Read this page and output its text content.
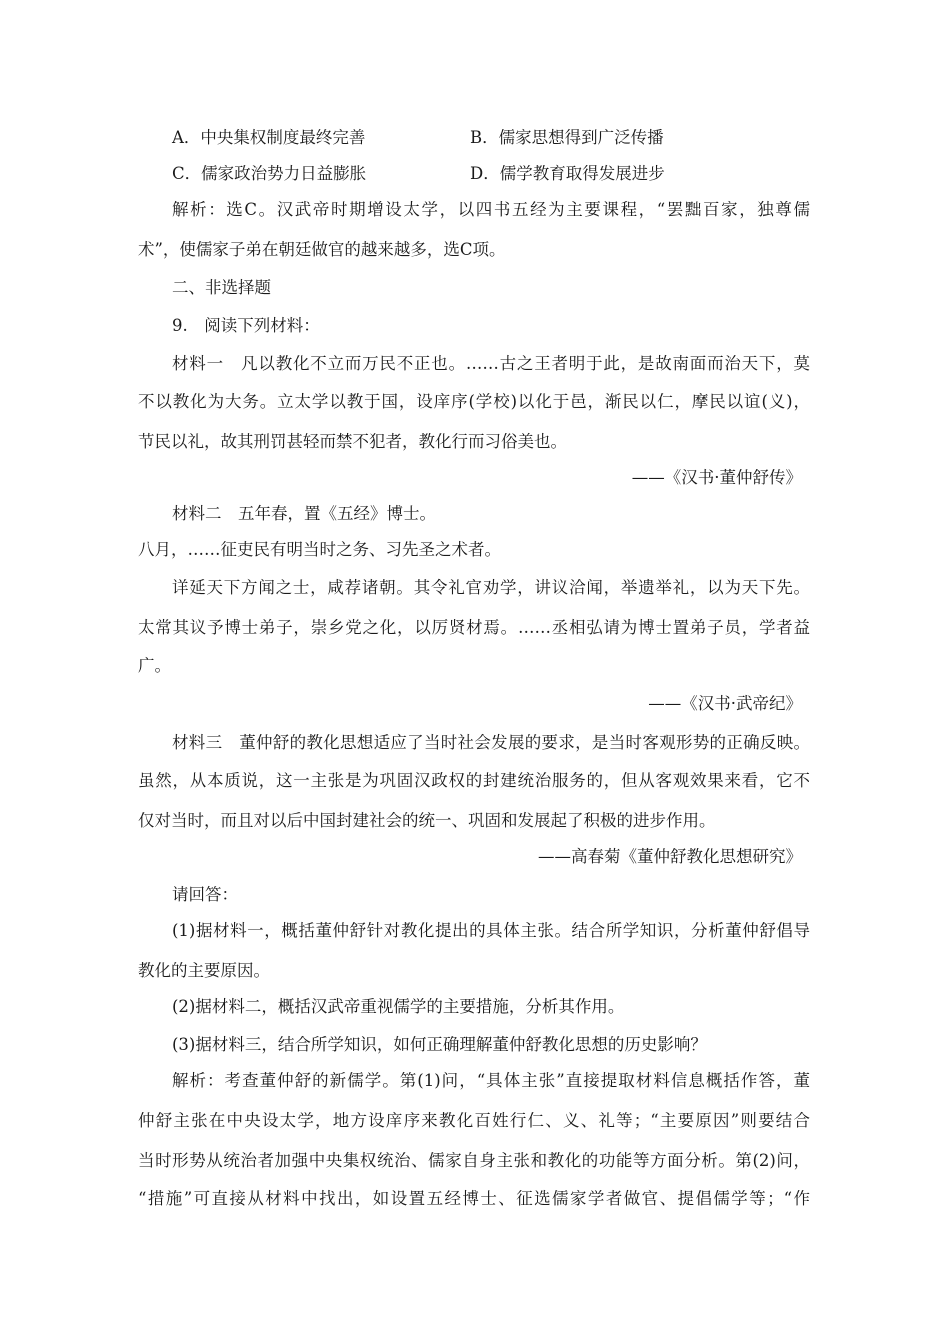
A．中央集权制度最终完善	B．儒家思想得到广泛传播
C．儒家政治势力日益膨胀	D．儒学教育取得发展进步
解析：选C。汉武帝时期增设太学，以四书五经为主要课程，“罢黜百家，独尊儒
术”，使儒家子弟在朝廷做官的越来越多，选C项。
二、非选择题
9.　阅读下列材料：
材料一　凡以教化不立而万民不正也。……古之王者明于此，是故南面而治天下，莫
不以教化为大务。立太学以教于国，设庠序(学校)以化于邑，渐民以仁，摩民以谊(义)，
节民以礼，故其刑罚甚轻而禁不犯者，教化行而习俗美也。
——《汉书·董仲舒传》
材料二　五年春，置《五经》博士。
八月，……征吏民有明当时之务、习先圣之术者。
详延天下方闻之士，咸荐诸朝。其令礼官劝学，讲议洽闻，举遗举礼，以为天下先。
太常其议予博士弟子，崇乡党之化，以厉贤材焉。……丞相弘请为博士置弟子员，学者益
广。
——《汉书·武帝纪》
材料三　董仲舒的教化思想适应了当时社会发展的要求，是当时客观形势的正确反映。
虽然，从本质说，这一主张是为巩固汉政权的封建统治服务的，但从客观效果来看，它不
仅对当时，而且对以后中国封建社会的统一、巩固和发展起了积极的进步作用。
——高春菊《董仲舒教化思想研究》
请回答：
(1)据材料一，概括董仲舒针对教化提出的具体主张。结合所学知识，分析董仲舒倡导
教化的主要原因。
(2)据材料二，概括汉武帝重视儒学的主要措施，分析其作用。
(3)据材料三，结合所学知识，如何正确理解董仲舒教化思想的历史影响？
解析：考查董仲舒的新儒学。第(1)问，“具体主张”直接提取材料信息概括作答，董
仲舒主张在中央设太学，地方设庠序来教化百姓行仁、义、礼等；“主要原因”则要结合
当时形势从统治者加强中央集权统治、儒家自身主张和教化的功能等方面分析。第(2)问，
“措施”可直接从材料中找出，如设置五经博士、征选儒家学者做官、提倡儒学等；“作
